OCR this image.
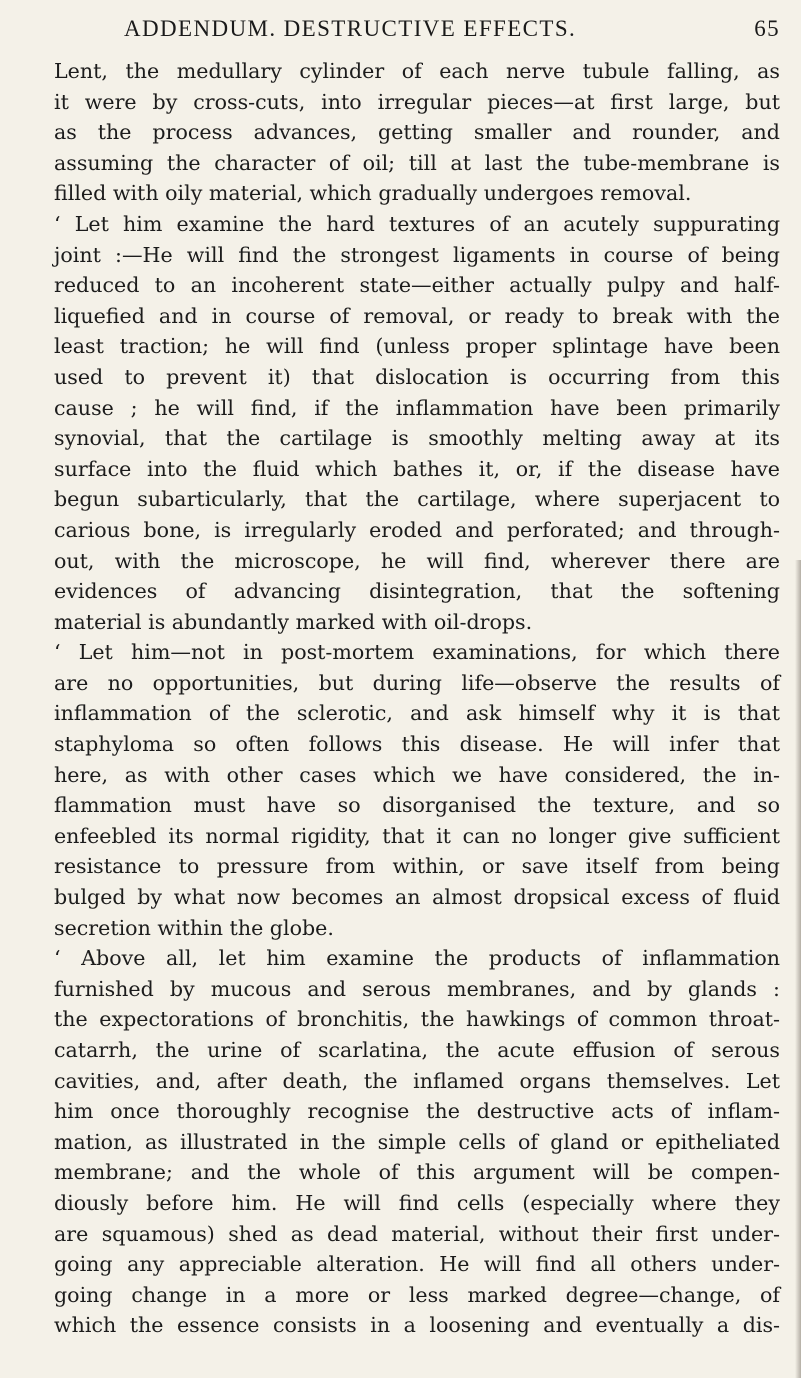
ADDENDUM. DESTRUCTIVE EFFECTS.	65
Lent, the medullary cylinder of each nerve tubule falling, as
it were by cross-cuts, into irregular pieces—at first large, but
as the process advances, getting smaller and rounder, and
assuming the character of oil; till at last the tube-membrane is
filled with oily material, which gradually undergoes removal.
‘ Let him examine the hard textures of an acutely suppurating
joint :—He will find the strongest ligaments in course of being
reduced to an incoherent state—either actually pulpy and half-
liquefied and in course of removal, or ready to break with the
least traction; he will find (unless proper splintage have been
used to prevent it) that dislocation is occurring from this
cause ; he will find, if the inflammation have been primarily
synovial, that the cartilage is smoothly melting away at its
surface into the fluid which bathes it, or, if the disease have
begun subarticularly, that the cartilage, where superjacent to
carious bone, is irregularly eroded and perforated; and through-
out, with the microscope, he will find, wherever there are
evidences of advancing disintegration, that the softening
material is abundantly marked with oil-drops.
‘ Let him—not in post-mortem examinations, for which there
are no opportunities, but during life—observe the results of
inflammation of the sclerotic, and ask himself why it is that
staphyloma so often follows this disease. He will infer that
here, as with other cases which we have considered, the in-
flammation must have so disorganised the texture, and so
enfeebled its normal rigidity, that it can no longer give sufficient
resistance to pressure from within, or save itself from being
bulged by what now becomes an almost dropsical excess of fluid
secretion within the globe.
‘ Above all, let him examine the products of inflammation
furnished by mucous and serous membranes, and by glands :
the expectorations of bronchitis, the hawkings of common throat-
catarrh, the urine of scarlatina, the acute effusion of serous
cavities, and, after death, the inflamed organs themselves. Let
him once thoroughly recognise the destructive acts of inflam-
mation, as illustrated in the simple cells of gland or epitheliated
membrane; and the whole of this argument will be compen-
diously before him. He will find cells (especially where they
are squamous) shed as dead material, without their first under-
going any appreciable alteration. He will find all others under-
going change in a more or less marked degree—change, of
which the essence consists in a loosening and eventually a dis-
